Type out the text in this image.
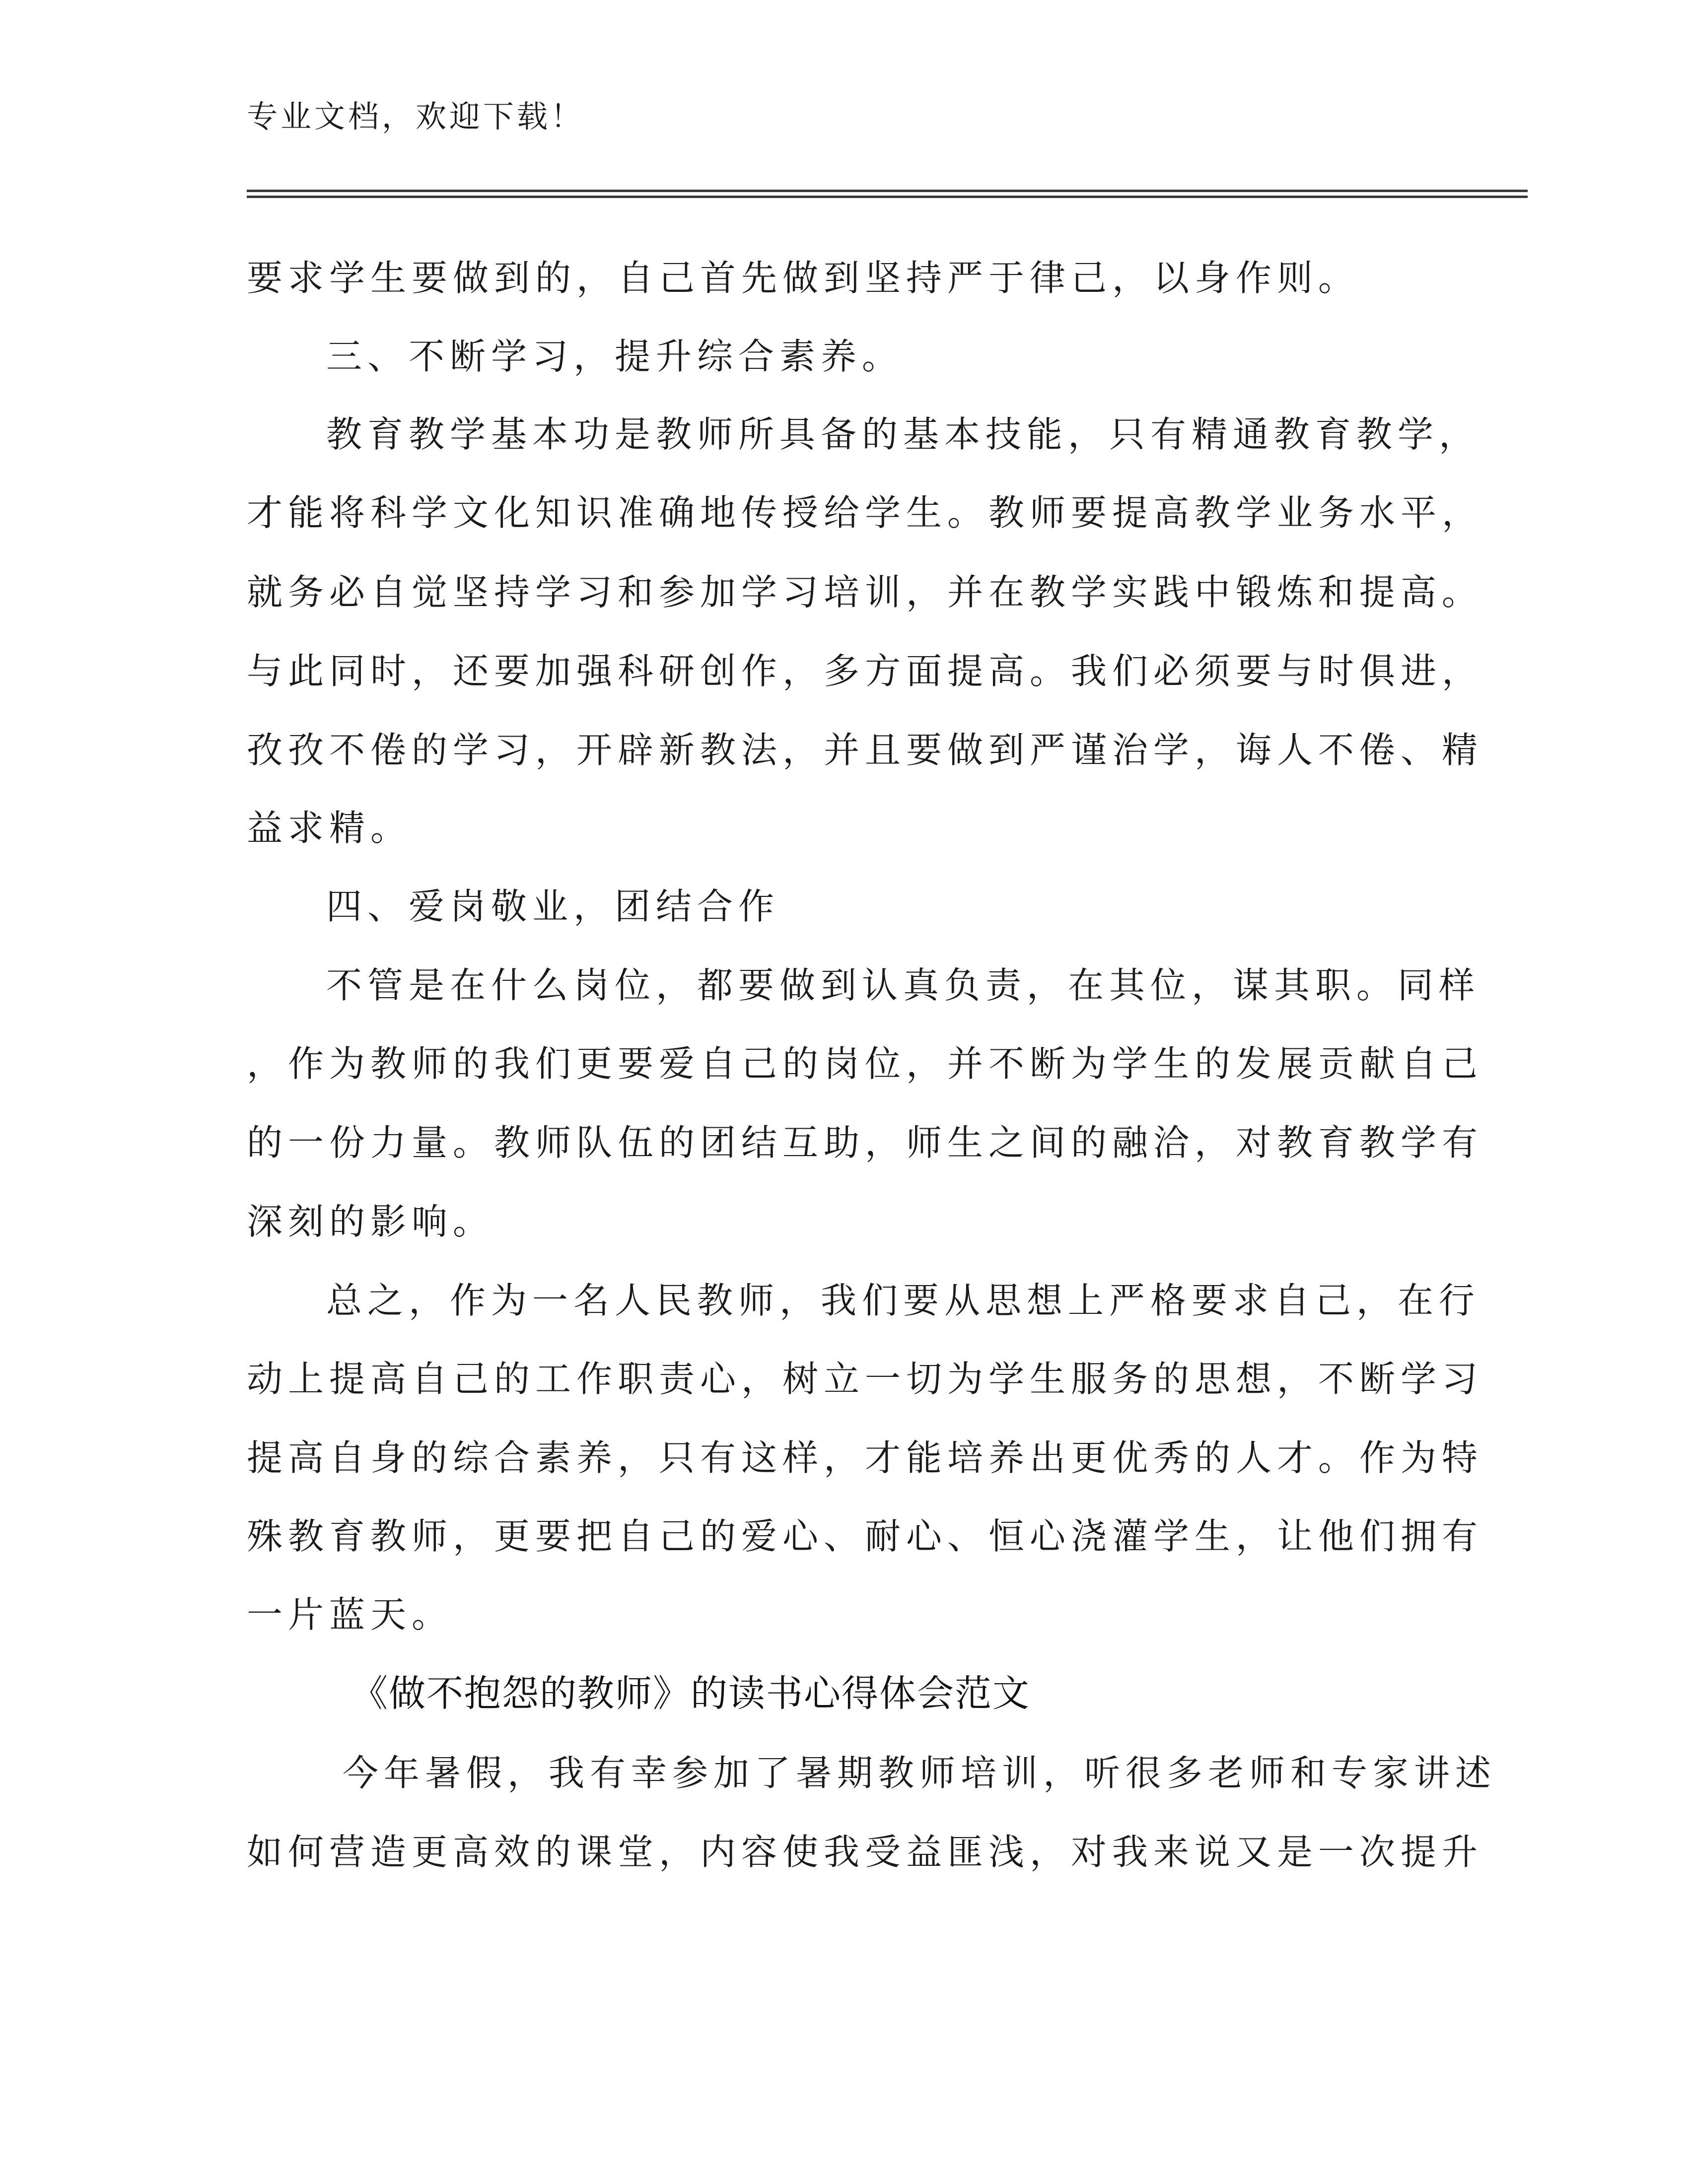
专业文档，欢迎下载！
要求学生要做到的，自己首先做到坚持严于律己，以身作则。
三、不断学习，提升综合素养。
教育教学基本功是教师所具备的基本技能，只有精通教育教学，
才能将科学文化知识准确地传授给学生。教师要提高教学业务水平，
就务必自觉坚持学习和参加学习培训，并在教学实践中锻炼和提高。
与此同时，还要加强科研创作，多方面提高。我们必须要与时俱进，
孜孜不倦的学习，开辟新教法，并且要做到严谨治学，诲人不倦、精
益求精。
四、爱岗敬业，团结合作
不管是在什么岗位，都要做到认真负责，在其位，谋其职。同样
，作为教师的我们更要爱自己的岗位，并不断为学生的发展贡献自己
的一份力量。教师队伍的团结互助，师生之间的融洽，对教育教学有
深刻的影响。
总之，作为一名人民教师，我们要从思想上严格要求自己，在行
动上提高自己的工作职责心，树立一切为学生服务的思想，不断学习
提高自身的综合素养，只有这样，才能培养出更优秀的人才。作为特
殊教育教师，更要把自己的爱心、耐心、恒心浇灌学生，让他们拥有
一片蓝天。
《做不抱怨的教师》的读书心得体会范文
今年暑假，我有幸参加了暑期教师培训，听很多老师和专家讲述
如何营造更高效的课堂，内容使我受益匪浅，对我来说又是一次提升
